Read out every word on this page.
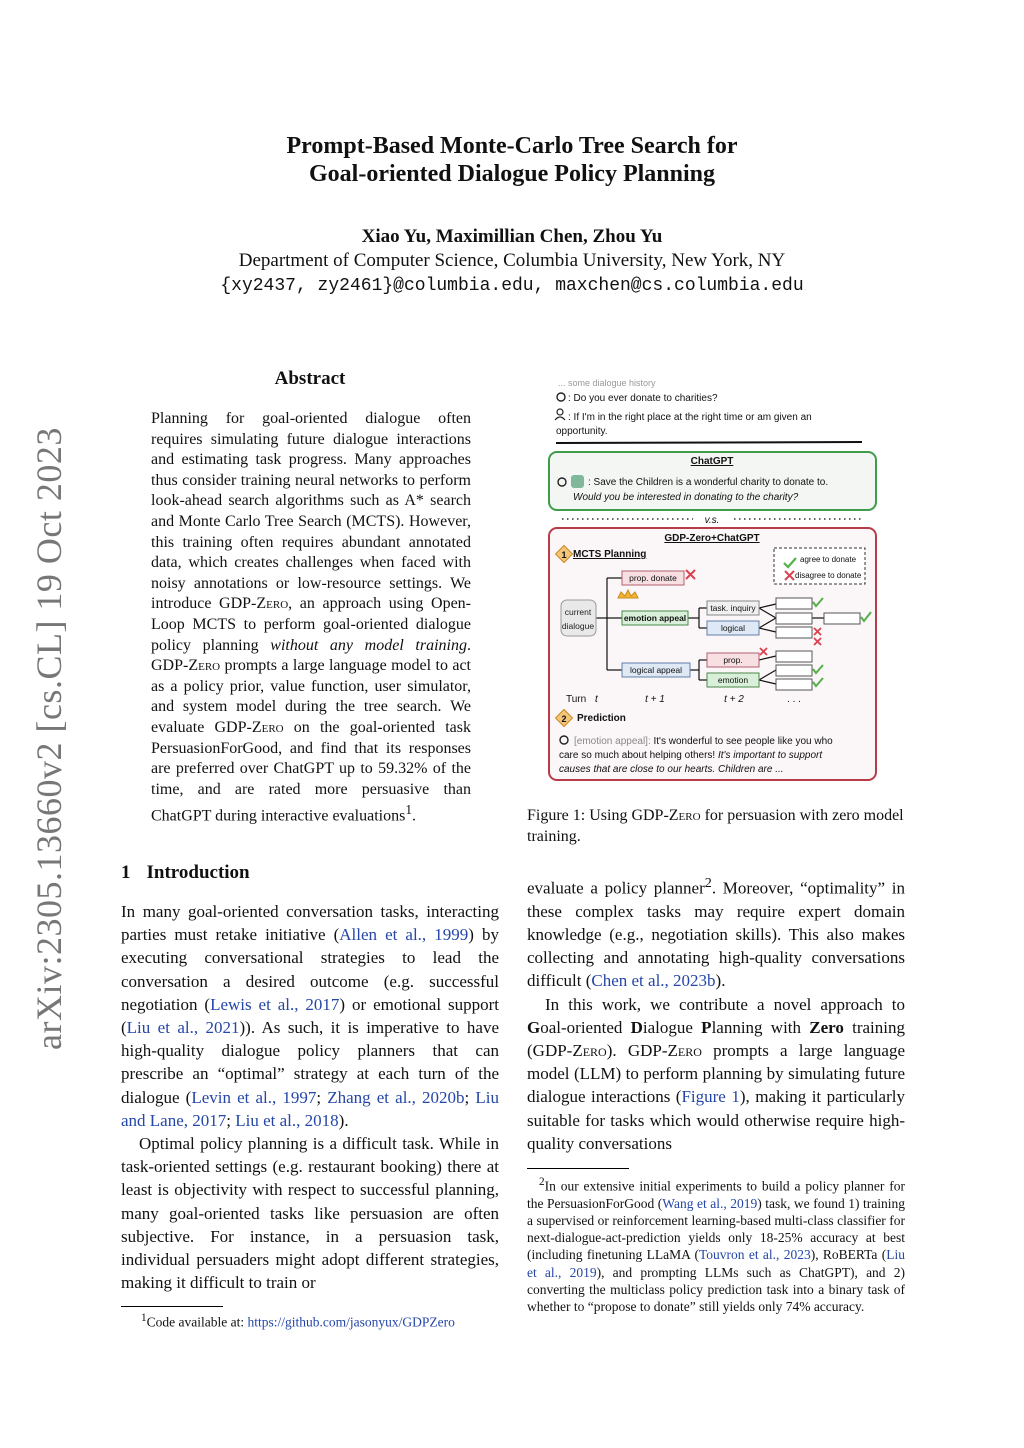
Prompt-Based Monte-Carlo Tree Search for
Goal-oriented Dialogue Policy Planning
Xiao Yu, Maximillian Chen, Zhou Yu
Department of Computer Science, Columbia University, New York, NY
{xy2437, zy2461}@columbia.edu, maxchen@cs.columbia.edu
arXiv:2305.13660v2 [cs.CL] 19 Oct 2023
Abstract
Planning for goal-oriented dialogue often requires simulating future dialogue interactions and estimating task progress. Many approaches thus consider training neural networks to perform look-ahead search algorithms such as A* search and Monte Carlo Tree Search (MCTS). However, this training often requires abundant annotated data, which creates challenges when faced with noisy annotations or low-resource settings. We introduce GDP-Zero, an approach using Open-Loop MCTS to perform goal-oriented dialogue policy planning without any model training. GDP-Zero prompts a large language model to act as a policy prior, value function, user simulator, and system model during the tree search. We evaluate GDP-Zero on the goal-oriented task PersuasionForGood, and find that its responses are preferred over ChatGPT up to 59.32% of the time, and are rated more persuasive than ChatGPT during interactive evaluations$^1$.
1 Introduction

In many goal-oriented conversation tasks, interacting parties must retake initiative (Allen et al., 1999) by executing conversational strategies to lead the conversation a desired outcome (e.g. successful negotiation (Lewis et al., 2017) or emotional support (Liu et al., 2021)). As such, it is imperative to have high-quality dialogue policy planners that can prescribe an “optimal” strategy at each turn of the dialogue (Levin et al., 1997; Zhang et al., 2020b; Liu and Lane, 2017; Liu et al., 2018).

Optimal policy planning is a difficult task. While in task-oriented settings (e.g. restaurant booking) there at least is objectivity with respect to successful planning, many goal-oriented tasks like persuasion are often subjective. For instance, in a persuasion task, individual persuaders might adopt different strategies, making it difficult to train or

evaluate a policy planner$^2$. Moreover, “optimality” in these complex tasks may require expert domain knowledge (e.g., negotiation skills). This also makes collecting and annotating high-quality conversations difficult (Chen et al., 2023b).

In this work, we contribute a novel approach to Goal-oriented Dialogue Planning with Zero training (GDP-Zero). GDP-Zero prompts a large language model (LLM) to perform planning by simulating future dialogue interactions (Figure 1), making it particularly suitable for tasks which would otherwise require high-quality conversations

$^1$Code available at: https://github.com/jasonyux/GDPZero
$^2$In our extensive initial experiments to build a policy planner for the PersuasionForGood (Wang et al., 2019) task, we found 1) training a supervised or reinforcement learning-based multi-class classifier for next-dialogue-act-prediction yields only 18-25% accuracy at best (including finetuning LLaMA (Touvron et al., 2023), RoBERTa (Liu et al., 2019), and prompting LLMs such as ChatGPT), and 2) converting the multiclass policy prediction task into a binary task of whether to “propose to donate” still yields only 74% accuracy.
Figure 1: Using GDP-Zero for persuasion with zero model training.
... some dialogue history
: Do you ever donate to charities?
: If I'm in the right place at the right time or am given an
opportunity.
ChatGPT
: Save the Children is a wonderful charity to donate to.
Would you be interested in donating to the charity?
v.s.
GDP-Zero+ChatGPT
1 MCTS Planning	agree to donate
disagree to donate
current
dialogue
prop. donate
emotion appeal
logical appeal
task. inquiry
logical
prop.
emotion
Turn t	t + 1	t + 2	. . .
2 Prediction
[emotion appeal]: It's wonderful to see people like you who
care so much about helping others! It's important to support
causes that are close to our hearts. Children are ...
